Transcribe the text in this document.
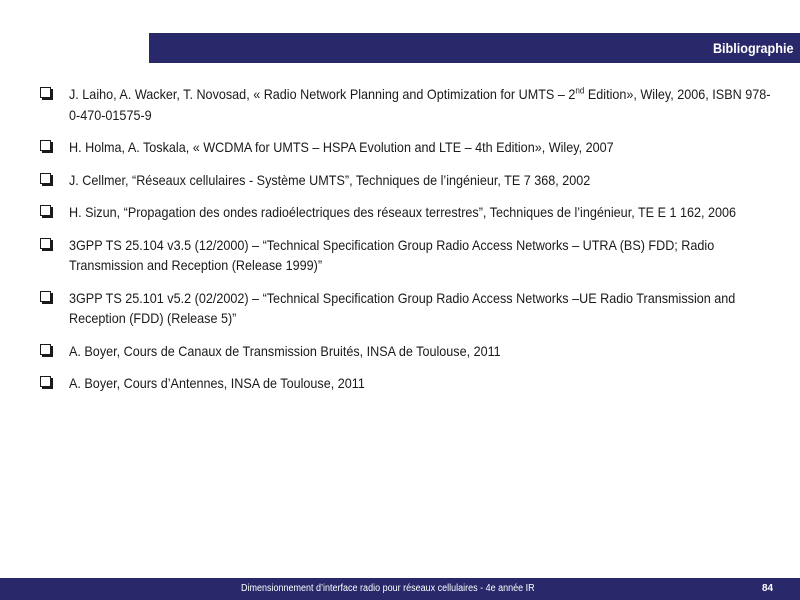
Bibliographie
J. Laiho, A. Wacker, T. Novosad, « Radio Network Planning and Optimization for UMTS – 2nd Edition», Wiley, 2006, ISBN 978-0-470-01575-9
H. Holma, A. Toskala, « WCDMA for UMTS – HSPA Evolution and LTE – 4th Edition», Wiley, 2007
J. Cellmer, “Réseaux cellulaires - Système UMTS”, Techniques de l’ingénieur, TE 7 368, 2002
H. Sizun, “Propagation des ondes radioélectriques des réseaux terrestres”, Techniques de l’ingénieur, TE E 1 162, 2006
3GPP TS 25.104 v3.5 (12/2000) – “Technical Specification Group Radio Access Networks – UTRA (BS) FDD; Radio Transmission and Reception (Release 1999)”
3GPP TS 25.101 v5.2 (02/2002) – “Technical Specification Group Radio Access Networks –UE Radio Transmission and Reception (FDD) (Release 5)”
A. Boyer, Cours de Canaux de Transmission Bruités, INSA de Toulouse, 2011
A. Boyer, Cours d’Antennes, INSA de Toulouse, 2011
Dimensionnement d’interface radio pour réseaux cellulaires - 4e année IR	84
